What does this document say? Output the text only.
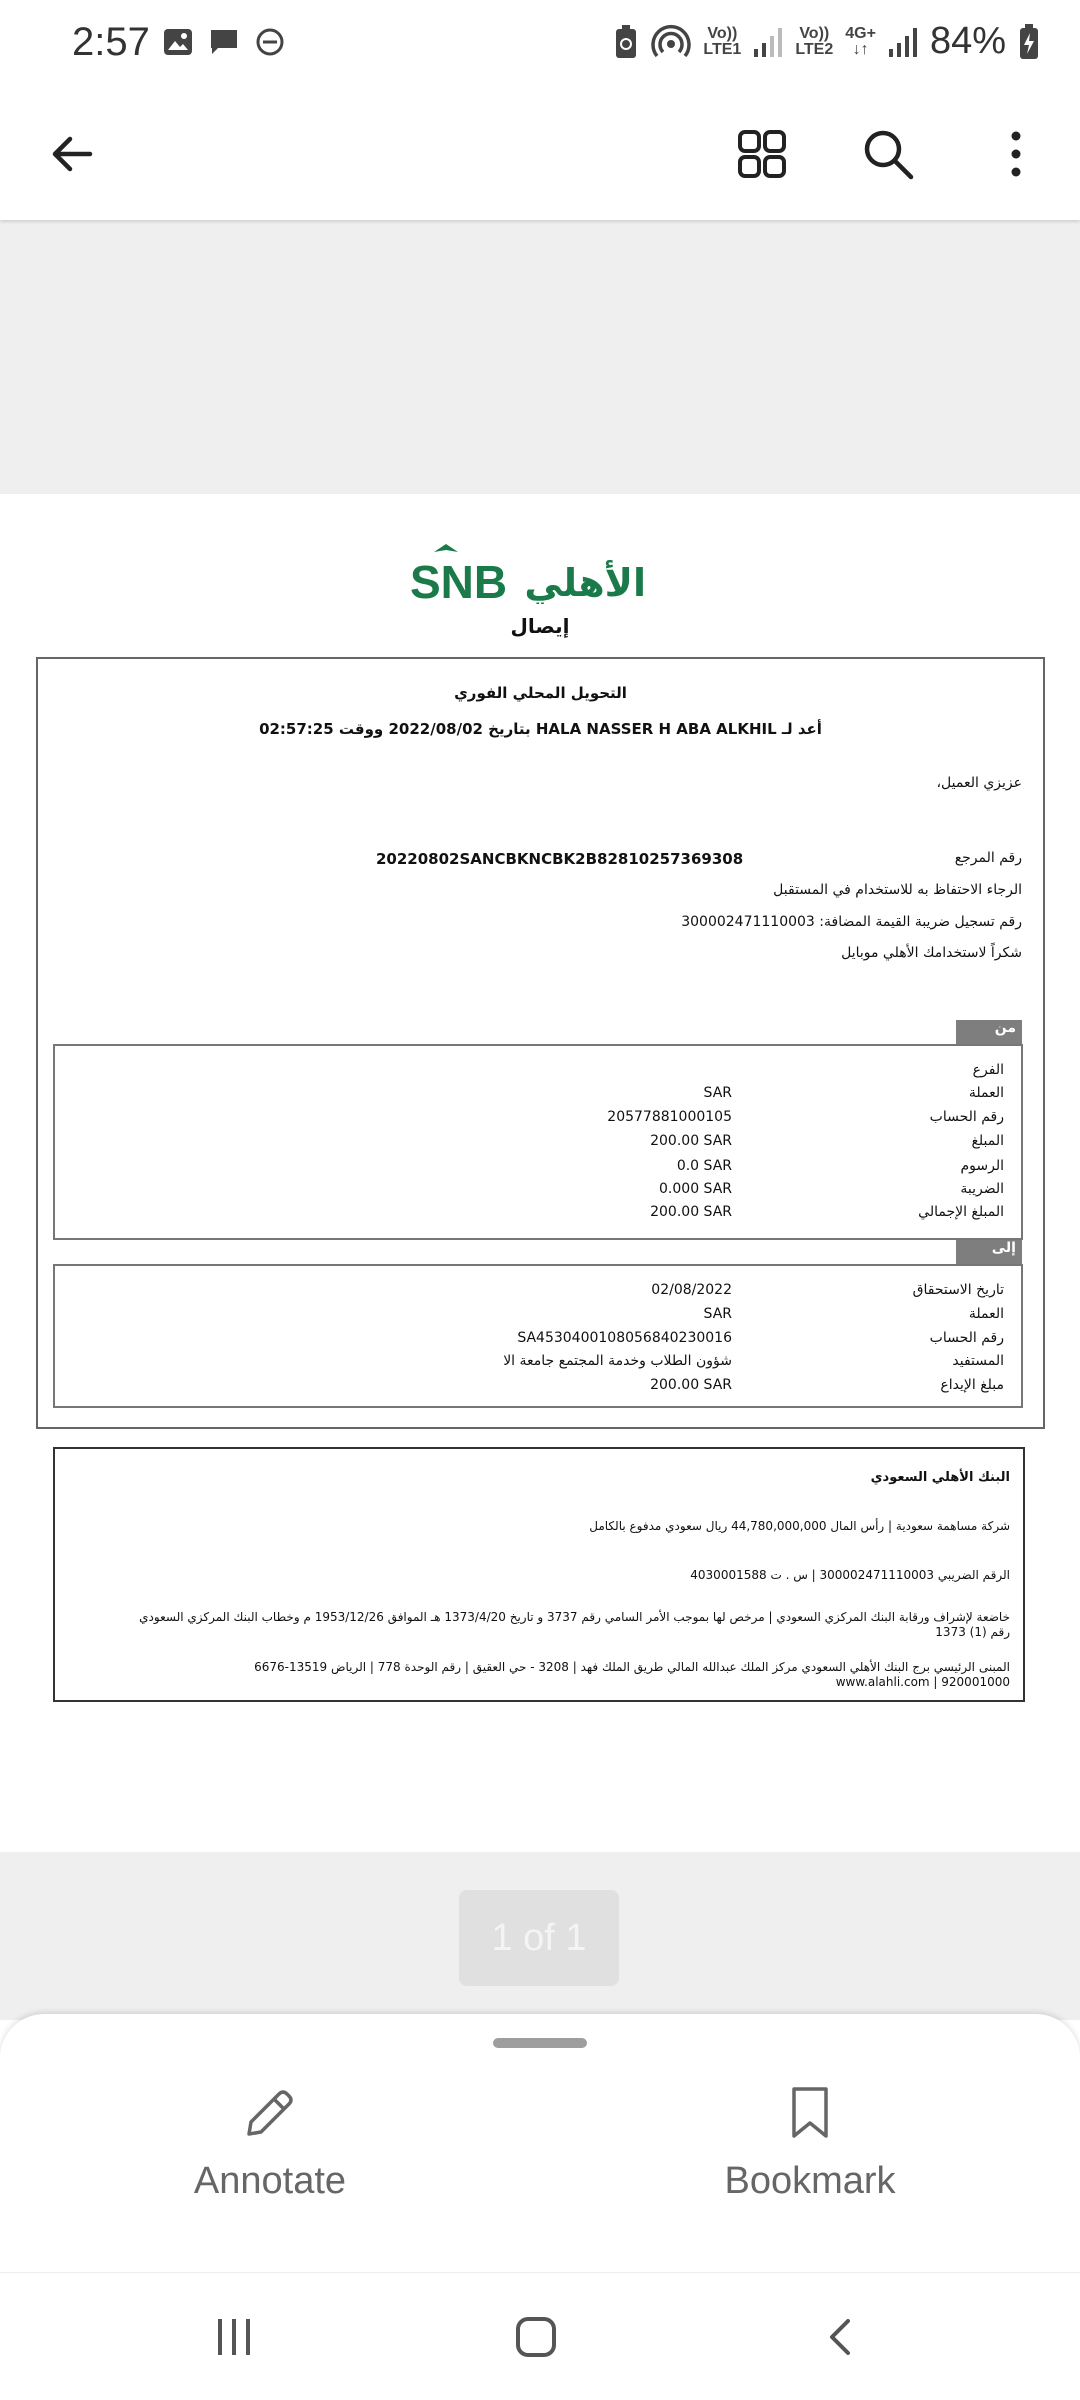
2:57	Vo))
LTE1
Vo))
LTE2
4G+
↓↑ 84%
SNB الأهلي
إيصال
التحويل المحلي الفوري
أعد لـ HALA NASSER H ABA ALKHIL بتاريخ 2022/08/02 ووقت 02:57:25
عزيزي العميل،
رقم المرجع
20220802SANCBKNCBK2B82810257369308
الرجاء الاحتفاظ به للاستخدام في المستقبل
رقم تسجيل ضريبة القيمة المضافة: 300002471110003
شكراً لاستخدامك الأهلي موبايل
من
الفرع
العملة
SAR
رقم الحساب
20577881000105
المبلغ
200.00 SAR
الرسوم
0.0 SAR
الضريبة
0.000 SAR
المبلغ الإجمالي
200.00 SAR
إلى
تاريخ الاستحقاق
02/08/2022
العملة
SAR
رقم الحساب
SA4530400108056840230016
المستفيد
شؤون الطلاب وخدمة المجتمع جامعة الا
مبلغ الإيداع
200.00 SAR
البنك الأهلي السعودي
شركة مساهمة سعودية | رأس المال 44,780,000,000 ريال سعودي مدفوع بالكامل
الرقم الضريبي 300002471110003 | س . ت 4030001588
خاضعة لإشراف ورقابة البنك المركزي السعودي | مرخص لها بموجب الأمر السامي رقم 3737 و تاريخ 1373/4/20 هـ الموافق 1953/12/26 م وخطاب البنك المركزي السعودي
رقم (1) 1373
المبنى الرئيسي برج البنك الأهلي السعودي مركز الملك عبدالله المالي طريق الملك فهد | 3208 - حي العقيق | رقم الوحدة 778 | الرياض 13519-6676
920001000 | www.alahli.com
1 of 1
Annotate	Bookmark
